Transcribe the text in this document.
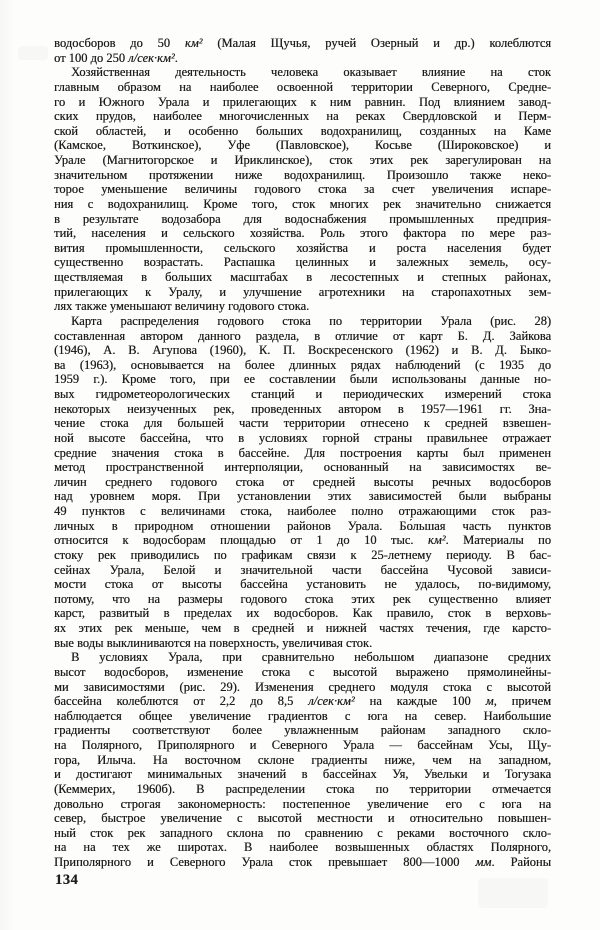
водосборов до 50 км² (Малая Щучья, ручей Озерный и др.) колеблются
от 100 до 250 л/сек·км².
Хозяйственная деятельность человека оказывает влияние на сток
главным образом на наиболее освоенной территории Северного, Средне-
го и Южного Урала и прилегающих к ним равнин. Под влиянием завод-
ских прудов, наиболее многочисленных на реках Свердловской и Перм-
ской областей, и особенно больших водохранилищ, созданных на Каме
(Камское, Воткинское), Уфе (Павловское), Косьве (Широковское) и
Урале (Магнитогорское и Ириклинское), сток этих рек зарегулирован на
значительном протяжении ниже водохранилищ. Произошло также неко-
торое уменьшение величины годового стока за счет увеличения испаре-
ния с водохранилищ. Кроме того, сток многих рек значительно снижается
в результате водозабора для водоснабжения промышленных предприя-
тий, населения и сельского хозяйства. Роль этого фактора по мере раз-
вития промышленности, сельского хозяйства и роста населения будет
существенно возрастать. Распашка целинных и залежных земель, осу-
ществляемая в больших масштабах в лесостепных и степных районах,
прилегающих к Уралу, и улучшение агротехники на старопахотных зем-
лях также уменьшают величину годового стока.
Карта распределения годового стока по территории Урала (рис. 28)
составленная автором данного раздела, в отличие от карт Б. Д. Зайкова
(1946), А. В. Агупова (1960), К. П. Воскресенского (1962) и В. Д. Быко-
ва (1963), основывается на более длинных рядах наблюдений (с 1935 до
1959 г.). Кроме того, при ее составлении были использованы данные но-
вых гидрометеорологических станций и периодических измерений стока
некоторых неизученных рек, проведенных автором в 1957—1961 гг. Зна-
чение стока для большей части территории отнесено к средней взвешен-
ной высоте бассейна, что в условиях горной страны правильнее отражает
средние значения стока в бассейне. Для построения карты был применен
метод пространственной интерполяции, основанный на зависимостях ве-
личин среднего годового стока от средней высоты речных водосборов
над уровнем моря. При установлении этих зависимостей были выбраны
49 пунктов с величинами стока, наиболее полно отражающими сток раз-
личных в природном отношении районов Урала. Бо́льшая часть пунктов
относится к водосборам площадью от 1 до 10 тыс. км². Материалы по
стоку рек приводились по графикам связи к 25-летнему периоду. В бас-
сейнах Урала, Белой и значительной части бассейна Чусовой зависи-
мости стока от высоты бассейна установить не удалось, по-видимому,
потому, что на размеры годового стока этих рек существенно влияет
карст, развитый в пределах их водосборов. Как правило, сток в верховь-
ях этих рек меньше, чем в средней и нижней частях течения, где карсто-
вые воды выклиниваются на поверхность, увеличивая сток.
В условиях Урала, при сравнительно небольшом диапазоне средних
высот водосборов, изменение стока с высотой выражено прямолинейны-
ми зависимостями (рис. 29). Изменения среднего модуля стока с высотой
бассейна колеблются от 2,2 до 8,5 л/сек·км² на каждые 100 м, причем
наблюдается общее увеличение градиентов с юга на север. Наибольшие
градиенты соответствуют более увлажненным районам западного скло-
на Полярного, Приполярного и Северного Урала — бассейнам Усы, Щу-
гора, Илыча. На восточном склоне градиенты ниже, чем на западном,
и достигают минимальных значений в бассейнах Уя, Увельки и Тогузака
(Кеммерих, 1960б). В распределении стока по территории отмечается
довольно строгая закономерность: постепенное увеличение его с юга на
север, быстрое увеличение с высотой местности и относительно повышен-
ный сток рек западного склона по сравнению с реками восточного скло-
на на тех же широтах. В наиболее возвышенных областях Полярного,
Приполярного и Северного Урала сток превышает 800—1000 мм. Районы
134
